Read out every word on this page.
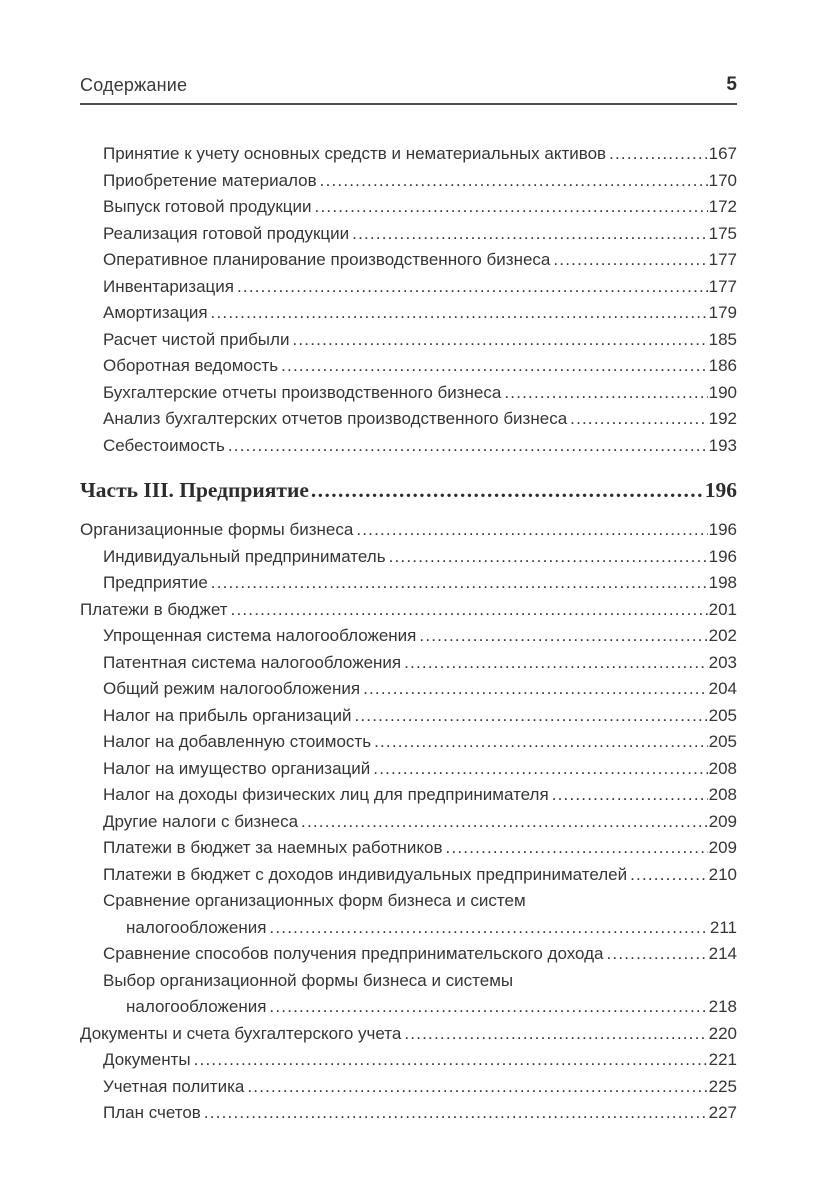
Содержание	5
Принятие к учету основных средств и нематериальных активов .....	167
Приобретение материалов .....	170
Выпуск готовой продукции .....	172
Реализация готовой продукции .....	175
Оперативное планирование производственного бизнеса .....	177
Инвентаризация .....	177
Амортизация .....	179
Расчет чистой прибыли .....	185
Оборотная ведомость .....	186
Бухгалтерские отчеты производственного бизнеса .....	190
Анализ бухгалтерских отчетов производственного бизнеса .....	192
Себестоимость .....	193
Часть III. Предприятие .....	196
Организационные формы бизнеса .....	196
Индивидуальный предприниматель .....	196
Предприятие .....	198
Платежи в бюджет .....	201
Упрощенная система налогообложения .....	202
Патентная система налогообложения .....	203
Общий режим налогообложения .....	204
Налог на прибыль организаций .....	205
Налог на добавленную стоимость .....	205
Налог на имущество организаций .....	208
Налог на доходы физических лиц для предпринимателя .....	208
Другие налоги с бизнеса .....	209
Платежи в бюджет за наемных работников .....	209
Платежи в бюджет с доходов индивидуальных предпринимателей .....	210
Сравнение организационных форм бизнеса и систем
налогообложения .....	211
Сравнение способов получения предпринимательского дохода .....	214
Выбор организационной формы бизнеса и системы
налогообложения .....	218
Документы и счета бухгалтерского учета .....	220
Документы .....	221
Учетная политика .....	225
План счетов .....	227
